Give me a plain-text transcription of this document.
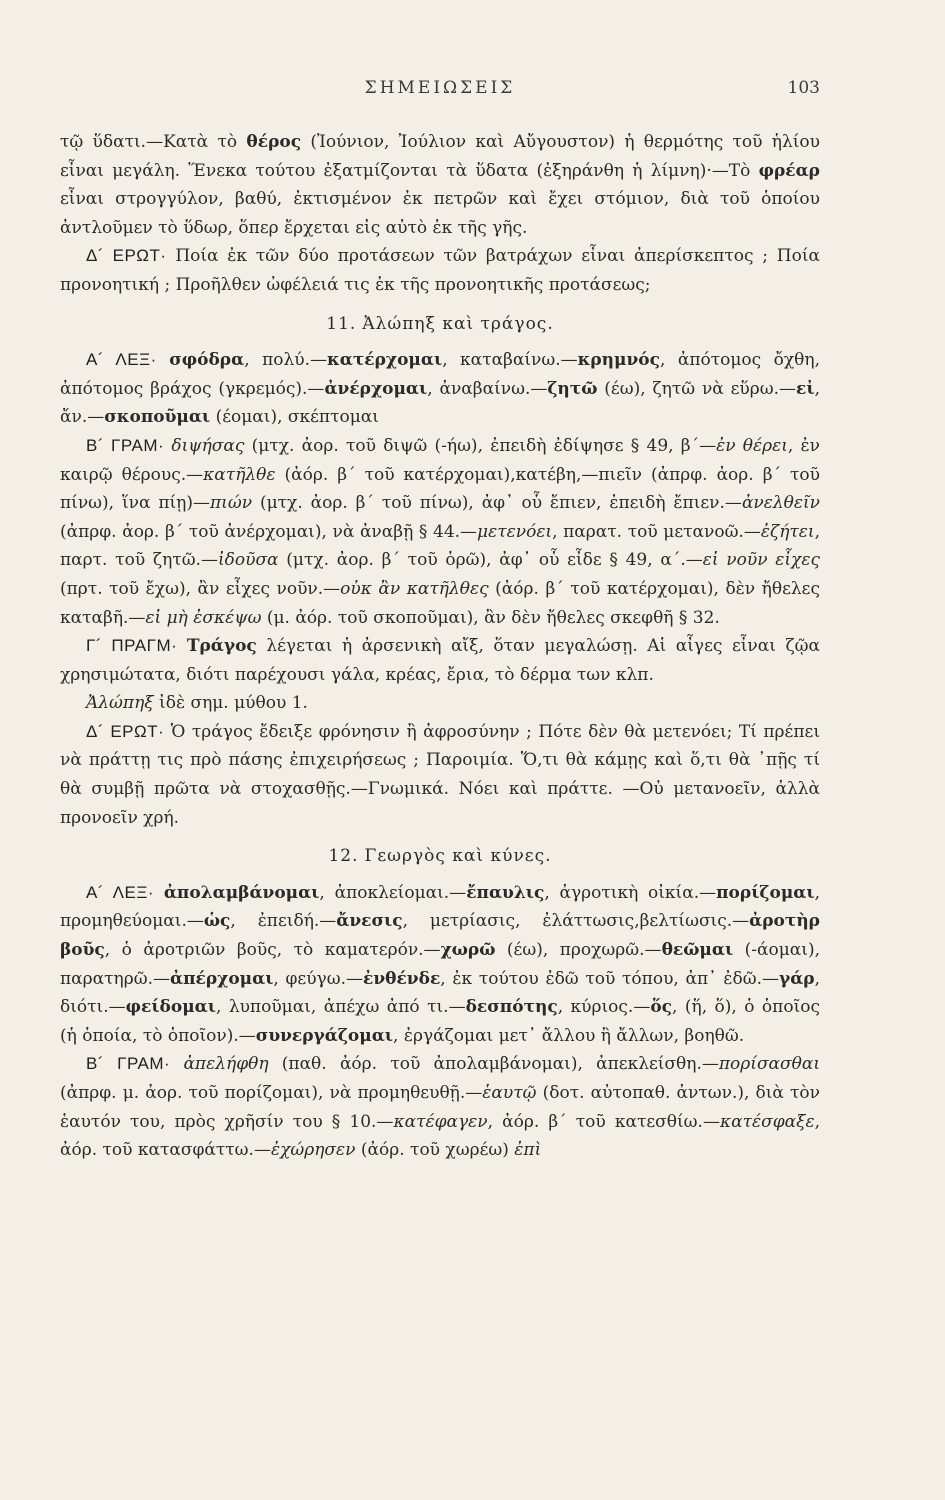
ΣΗΜΕΙΩΣΕΙΣ	103

τῷ ὕδατι.—Κατὰ τὸ θέρος (Ἰούνιον, Ἰούλιον καὶ Αὔγουστον) ἡ θερμότης τοῦ ἡλίου εἶναι μεγάλη. Ἕνεκα τούτου ἐξατμίζονται τὰ ὕδατα (ἐξηράνθη ἡ λίμνη)·—Τὸ φρέαρ εἶναι στρογγύλον, βαθύ, ἐκτισμένον ἐκ πετρῶν καὶ ἔχει στόμιον, διὰ τοῦ ὁποίου ἀντλοῦμεν τὸ ὕδωρ, ὅπερ ἔρχεται εἰς αὐτὸ ἐκ τῆς γῆς.

Δ´ ΕΡΩΤ· Ποία ἐκ τῶν δύο προτάσεων τῶν βατράχων εἶναι ἀπερίσκεπτος ; Ποία προνοητική ; Προῆλθεν ὠφέλειά τις ἐκ τῆς προνοητικῆς προτάσεως;

11. Ἀλώπηξ καὶ τράγος.

Α´ ΛΕΞ· σφόδρα, πολύ.—κατέρχομαι, καταβαίνω.—κρημνός, ἀπότομος ὄχθη, ἀπότομος βράχος (γκρεμός).—ἀνέρχομαι, ἀναβαίνω.—ζητῶ (έω), ζητῶ νὰ εὕρω.—εἰ, ἄν.—σκοποῦμαι (έομαι), σκέπτομαι

Β´ ΓΡΑΜ· διψήσας (μτχ. ἀορ. τοῦ διψῶ (-ήω), ἐπειδὴ ἐδίψησε § 49, β´—ἐν θέρει, ἐν καιρῷ θέρους.—κατῆλθε (ἀόρ. β´ τοῦ κατέρχομαι),κατέβη,—πιεῖν (ἀπρφ. ἀορ. β´ τοῦ πίνω), ἵνα πίῃ)—πιών (μτχ. ἀορ. β´ τοῦ πίνω), ἀφ᾽ οὗ ἔπιεν, ἐπειδὴ ἔπιεν.—ἀνελθεῖν (ἀπρφ. ἀορ. β´ τοῦ ἀνέρχομαι), νὰ ἀναβῇ § 44.—μετενόει, παρατ. τοῦ μετανοῶ.—ἐζήτει, παρτ. τοῦ ζητῶ.—ἰδοῦσα (μτχ. ἀορ. β´ τοῦ ὁρῶ), ἀφ᾽ οὗ εἶδε § 49, α´.—εἰ νοῦν εἶχες (πρτ. τοῦ ἔχω), ἂν εἶχες νοῦν.—οὐκ ἂν κατῆλθες (ἀόρ. β´ τοῦ κατέρχομαι), δὲν ἤθελες καταβῆ.—εἰ μὴ ἐσκέψω (μ. ἀόρ. τοῦ σκοποῦμαι), ἂν δὲν ἤθελες σκεφθῆ § 32.

Γ´ ΠΡΑΓΜ· Τράγος λέγεται ἡ ἀρσενικὴ αἴξ, ὅταν μεγαλώσῃ. Αἱ αἶγες εἶναι ζῷα χρησιμώτατα, διότι παρέχουσι γάλα, κρέας, ἔρια, τὸ δέρμα των κλπ.

Ἀλώπηξ ἰδὲ σημ. μύθου 1.

Δ´ ΕΡΩΤ· Ὁ τράγος ἔδειξε φρόνησιν ἢ ἀφροσύνην ; Πότε δὲν θὰ μετενόει; Τί πρέπει νὰ πράττῃ τις πρὸ πάσης ἐπιχειρήσεως ; Παροιμία. Ὅ,τι θὰ κάμῃς καὶ ὅ,τι θὰ ᾽πῇς τί θὰ συμβῇ πρῶτα νὰ στοχασθῇς.—Γνωμικά. Νόει καὶ πράττε. —Οὐ μετανοεῖν, ἀλλὰ προνοεῖν χρή.

12. Γεωργὸς καὶ κύνες.

Α´ ΛΕΞ· ἀπολαμβάνομαι, ἀποκλείομαι.—ἔπαυλις, ἀγροτικὴ οἰκία.—πορίζομαι, προμηθεύομαι.—ὡς, ἐπειδή.—ἄνεσις, μετρίασις, ἐλάττωσις,βελτίωσις.—ἀροτὴρ βοῦς, ὁ ἀροτριῶν βοῦς, τὸ καματερόν.—χωρῶ (έω), προχωρῶ.—θεῶμαι (-άομαι), παρατηρῶ.—ἀπέρχομαι, φεύγω.—ἐνθένδε, ἐκ τούτου ἐδῶ τοῦ τόπου, ἀπ᾽ ἐδῶ.—γάρ, διότι.—φείδομαι, λυποῦμαι, ἀπέχω ἀπό τι.—δεσπότης, κύριος.—ὅς, (ἥ, ὅ), ὁ ὁποῖος (ἡ ὁποία, τὸ ὁποῖον).—συνεργάζομαι, ἐργάζομαι μετ᾽ ἄλλου ἢ ἄλλων, βοηθῶ.

Β´ ΓΡΑΜ· ἀπελήφθη (παθ. ἀόρ. τοῦ ἀπολαμβάνομαι), ἀπεκλείσθη.—πορίσασθαι (ἀπρφ. μ. ἀορ. τοῦ πορίζομαι), νὰ προμηθευθῇ.—ἑαυτῷ (δοτ. αὐτοπαθ. ἀντων.), διὰ τὸν ἑαυτόν του, πρὸς χρῆσίν του § 10.—κατέφαγεν, ἀόρ. β´ τοῦ κατεσθίω.—κατέσφαξε, ἀόρ. τοῦ κατασφάττω.—ἐχώρησεν (ἀόρ. τοῦ χωρέω) ἐπὶ
